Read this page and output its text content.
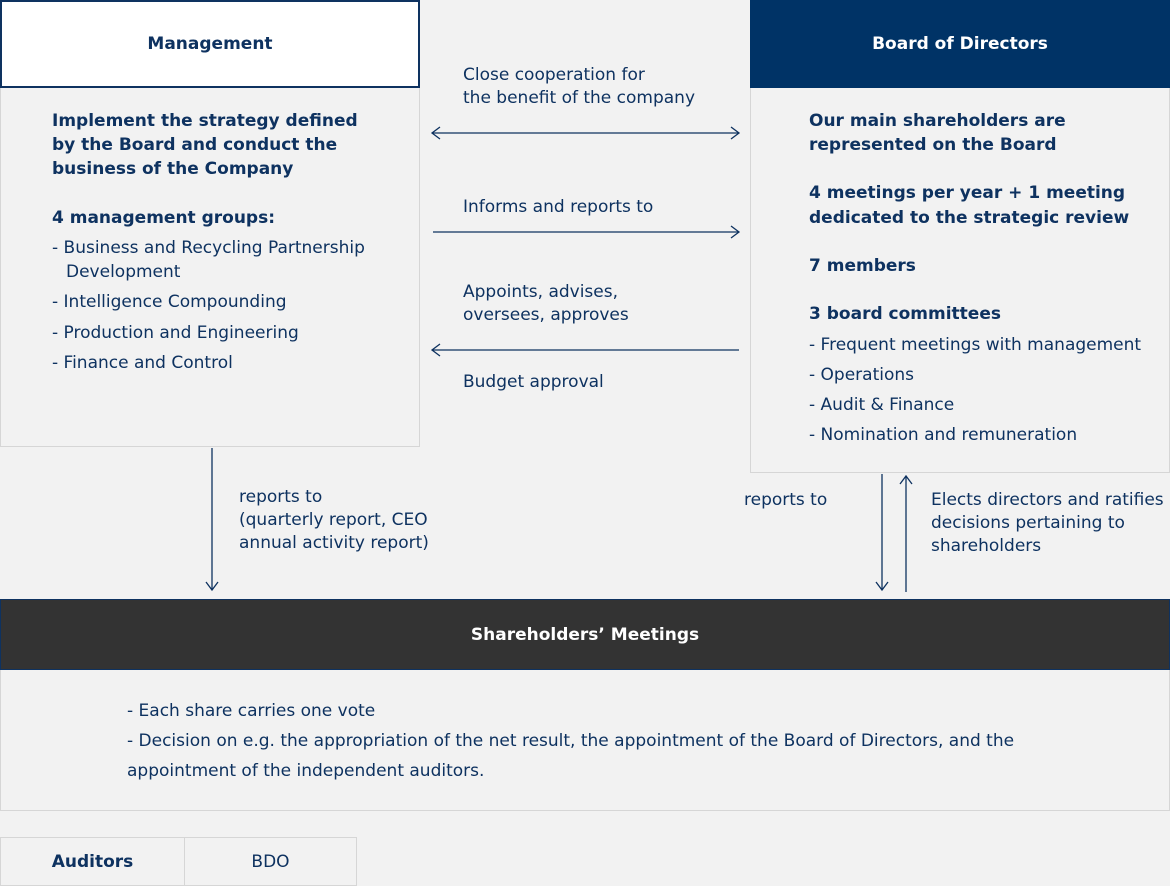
Management
Implement the strategy defined
by the Board and conduct the
business of the Company
4 management groups:
- Business and Recycling Partnership
Development
- Intelligence Compounding
- Production and Engineering
- Finance and Control
Board of Directors
Our main shareholders are
represented on the Board
4 meetings per year + 1 meeting
dedicated to the strategic review
7 members
3 board committees
- Frequent meetings with management
- Operations
- Audit & Finance
- Nomination and remuneration
Close cooperation for
the benefit of the company
Informs and reports to
Appoints, advises,
oversees, approves
Budget approval
reports to
(quarterly report, CEO
annual activity report)
reports to	Elects directors and ratifies
decisions pertaining to
shareholders
Shareholders’ Meetings
- Each share carries one vote
- Decision on e.g. the appropriation of the net result, the appointment of the Board of Directors, and the
appointment of the independent auditors.
Auditors	BDO
